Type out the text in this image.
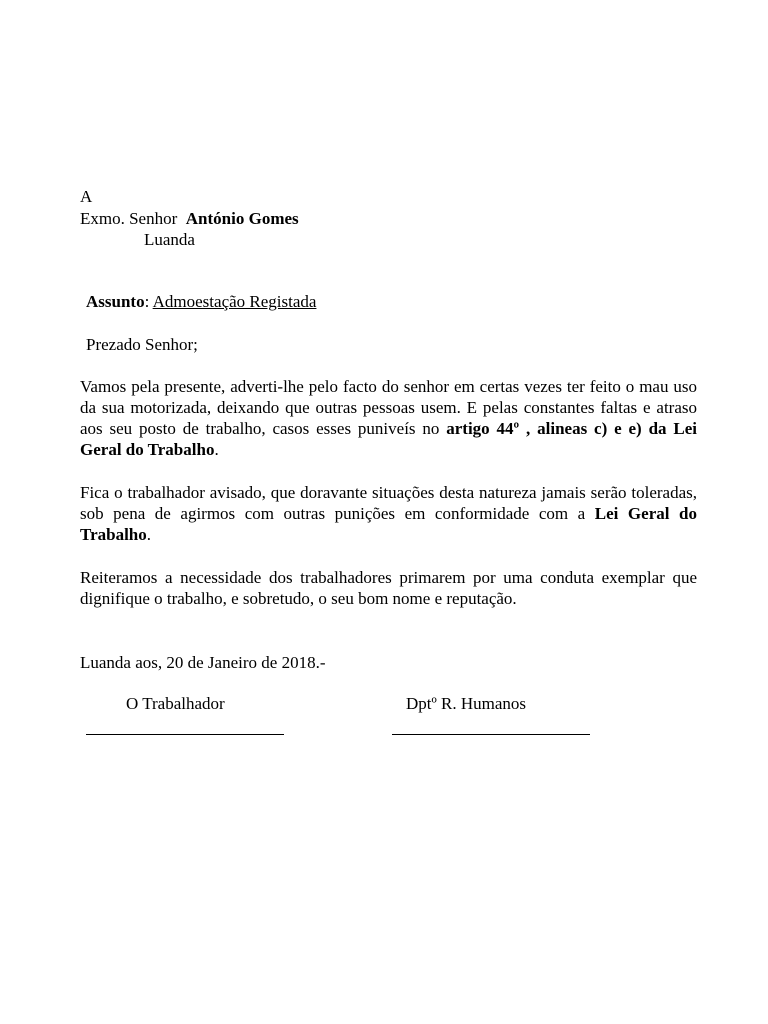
A
Exmo. Senhor António Gomes
Luanda
Assunto: Admoestação Registada
Prezado Senhor;
Vamos pela presente, adverti-lhe pelo facto do senhor em certas vezes ter feito o mau uso da sua motorizada, deixando que outras pessoas usem. E pelas constantes faltas e atraso aos seu posto de trabalho, casos esses puniveís no artigo 44º , alineas c) e e) da Lei Geral do Trabalho.
Fica o trabalhador avisado, que doravante situações desta natureza jamais serão toleradas, sob pena de agirmos com outras punições em conformidade com a Lei Geral do Trabalho.
Reiteramos a necessidade dos trabalhadores primarem por uma conduta exemplar que dignifique o trabalho, e sobretudo, o seu bom nome e reputação.
Luanda aos, 20 de Janeiro de 2018.-
O Trabalhador	Dptº R. Humanos
